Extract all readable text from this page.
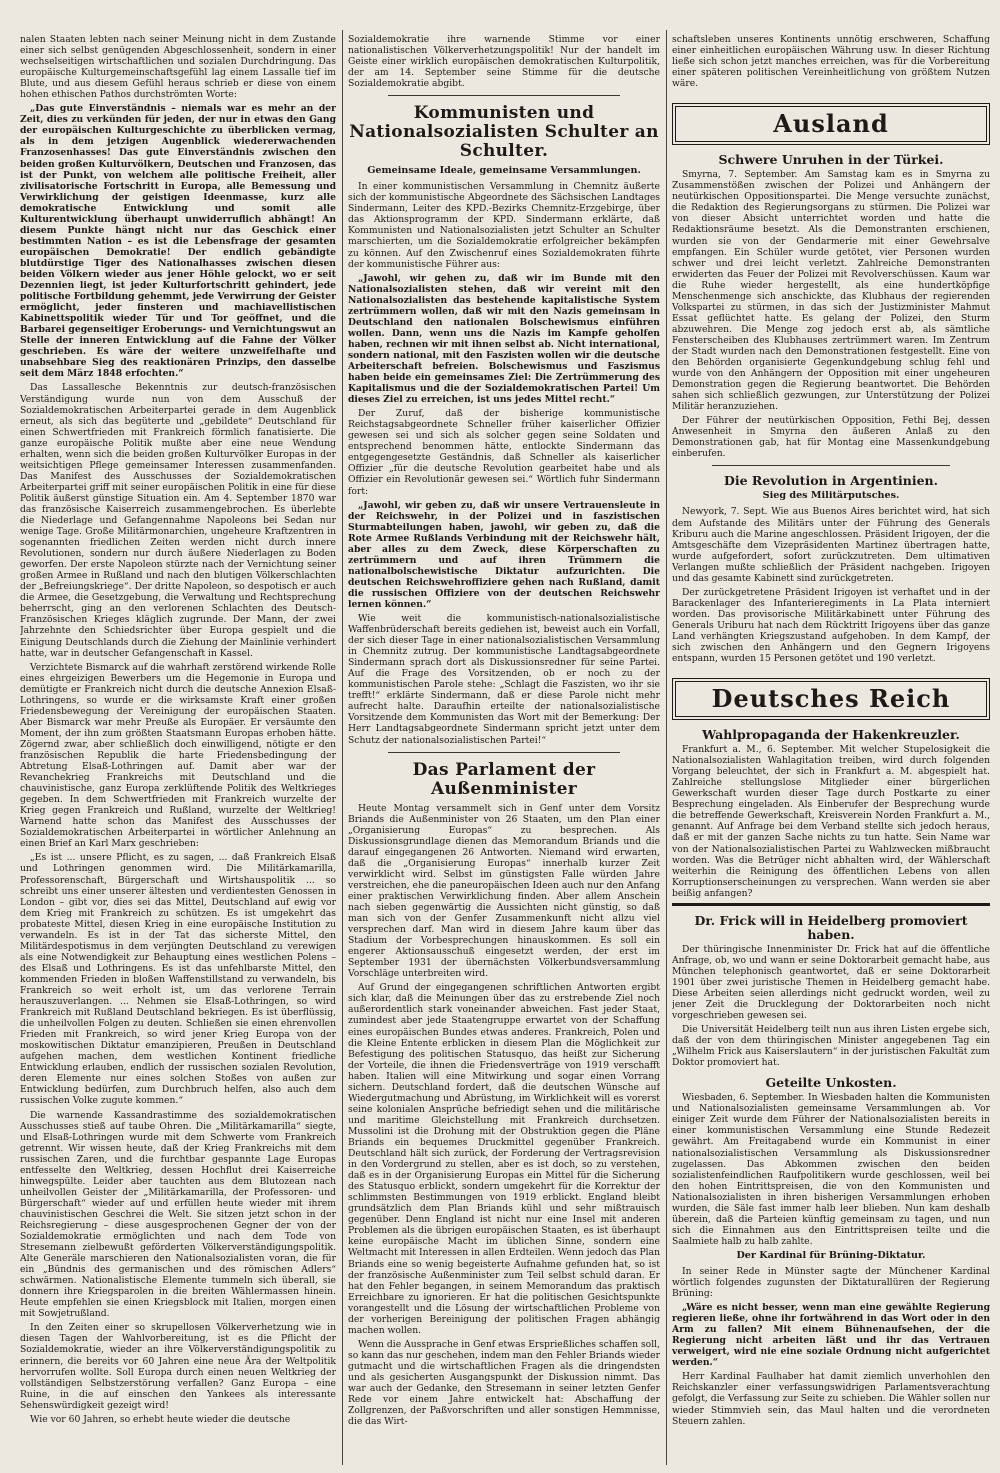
nalen Staaten lebten nach seiner Meinung nicht in dem Zustande einer sich selbst genügenden Abgeschlossenheit, sondern in einer wechselseitigen wirtschaftlichen und sozialen Durchdringung. Das europäische Kulturgemeinschaftsgefühl lag einem Lassalle tief im Blute, und aus diesem Gefühl heraus schrieb er diese von einem hohen ethischen Pathos durchströmten Worte:

„Das gute Einverständnis – niemals war es mehr an der Zeit, dies zu verkünden für jeden, der nur in etwas den Gang der europäischen Kulturgeschichte zu überblicken vermag, als in dem jetzigen Augenblick wiedererwachenden Franzosenhasses! Das gute Einverständnis zwischen den beiden großen Kulturvölkern, Deutschen und Franzosen, das ist der Punkt, von welchem alle politische Freiheit, aller zivilisatorische Fortschritt in Europa, alle Bemessung und Verwirklichung der geistigen Ideenmasse, kurz alle demokratische Entwicklung und somit alle Kulturentwicklung überhaupt unwiderruflich abhängt! An diesem Punkte hängt nicht nur das Geschick einer bestimmten Nation – es ist die Lebensfrage der gesamten europäischen Demokratie! Der endlich gebändigte blutdürstige Tiger des Nationalhasses zwischen diesen beiden Völkern wieder aus jener Höhle gelockt, wo er seit Dezennien liegt, ist jeder Kulturfortschritt gehindert, jede politische Fortbildung gehemmt, jede Verwirrung der Geister ermöglicht, jeder finsteren und machiavellistischen Kabinettspolitik wieder Tür und Tor geöffnet, und die Barbarei gegenseitiger Eroberungs- und Vernichtungswut an Stelle der inneren Entwicklung auf die Fahne der Völker geschrieben. Es wäre der weitere unzweifelhafte und unabsehbare Sieg des reaktionären Prinzips, den dasselbe seit dem März 1848 erfochten.“

Das Lassallesche Bekenntnis zur deutsch-französischen Verständigung wurde nun von dem Ausschuß der Sozialdemokratischen Arbeiterpartei gerade in dem Augenblick erneut, als sich das begüterte und „gebildete“ Deutschland für einen Schwertfrieden mit Frankreich förmlich fanatisierte. Die ganze europäische Politik mußte aber eine neue Wendung erhalten, wenn sich die beiden großen Kulturvölker Europas in der weitsichtigen Pflege gemeinsamer Interessen zusammenfanden. Das Manifest des Ausschusses der Sozialdemokratischen Arbeiterpartei griff mit seiner europäischen Politik in eine für diese Politik äußerst günstige Situation ein. Am 4. September 1870 war das französische Kaiserreich zusammengebrochen. Es überlebte die Niederlage und Gefangennahme Napoleons bei Sedan nur wenige Tage. Große Militärmonarchien, ungeheure Kraftzentren in sogenannten friedlichen Zeiten werden nicht durch innere Revolutionen, sondern nur durch äußere Niederlagen zu Boden geworfen. Der erste Napoleon stürzte nach der Vernichtung seiner großen Armee in Rußland und nach den blutigen Völkerschlachten der „Befreiungskriege“. Der dritte Napoleon, so despotisch er auch die Armee, die Gesetzgebung, die Verwaltung und Rechtsprechung beherrscht, ging an den verlorenen Schlachten des Deutsch-Französischen Krieges kläglich zugrunde. Der Mann, der zwei Jahrzehnte den Schiedsrichter über Europa gespielt und die Einigung Deutschlands durch die Ziehung der Mainlinie verhindert hatte, war in deutscher Gefangenschaft in Kassel.

Verzichtete Bismarck auf die wahrhaft zerstörend wirkende Rolle eines ehrgeizigen Bewerbers um die Hegemonie in Europa und demütigte er Frankreich nicht durch die deutsche Annexion Elsaß-Lothringens, so wurde er die wirksamste Kraft einer großen Friedensbewegung der Vereinigung der europäischen Staaten. Aber Bismarck war mehr Preuße als Europäer. Er versäumte den Moment, der ihn zum größten Staatsmann Europas erhoben hätte. Zögernd zwar, aber schließlich doch einwilligend, nötigte er den französischen Republik die harte Friedensbedingung der Abtretung Elsaß-Lothringen auf. Damit aber war der Revanchekrieg Frankreichs mit Deutschland und die chauvinistische, ganz Europa zerklüftende Politik des Weltkrieges gegeben. In dem Schwertfrieden mit Frankreich wurzelte der Krieg gegen Frankreich und Rußland, wurzelte der Weltkrieg! Warnend hatte schon das Manifest des Ausschusses der Sozialdemokratischen Arbeiterpartei in wörtlicher Anlehnung an einen Brief an Karl Marx geschrieben:

„Es ist ... unsere Pflicht, es zu sagen, ... daß Frankreich Elsaß und Lothringen genommen wird. Die Militärkamarilla, Professorenschaft, Bürgerschaft und Wirtshauspolitik ... so schreibt uns einer unserer ältesten und verdientesten Genossen in London – gibt vor, dies sei das Mittel, Deutschland auf ewig vor dem Krieg mit Frankreich zu schützen. Es ist umgekehrt das probateste Mittel, diesen Krieg in eine europäische Institution zu verwandeln. Es ist in der Tat das sicherste Mittel, den Militärdespotismus in dem verjüngten Deutschland zu verewigen als eine Notwendigkeit zur Behauptung eines westlichen Polens – des Elsaß und Lothringens. Es ist das unfehlbarste Mittel, den kommenden Frieden in bloßen Waffenstillstand zu verwandeln, bis Frankreich so weit erholt ist, um das verlorene Terrain herauszuverlangen. ... Nehmen sie Elsaß-Lothringen, so wird Frankreich mit Rußland Deutschland bekriegen. Es ist überflüssig, die unheilvollen Folgen zu deuten. Schließen sie einen ehrenvollen Frieden mit Frankreich, so wird jener Krieg Europa von der moskowitischen Diktatur emanzipieren, Preußen in Deutschland aufgehen machen, dem westlichen Kontinent friedliche Entwicklung erlauben, endlich der russischen sozialen Revolution, deren Elemente nur eines solchen Stoßes von außen zur Entwicklung bedürfen, zum Durchbruch helfen, also auch dem russischen Volke zugute kommen.“

Die warnende Kassandrastimme des sozialdemokratischen Ausschusses stieß auf taube Ohren. Die „Militärkamarilla“ siegte, und Elsaß-Lothringen wurde mit dem Schwerte vom Frankreich getrennt. Wir wissen heute, daß der Krieg Frankreichs mit dem russischen Zaren, und die furchtbar gespannte Lage Europas entfesselte den Weltkrieg, dessen Hochflut drei Kaiserreiche hinwegspülte. Leider aber tauchten aus dem Blutozean nach unheilvollen Geister der „Militärkamarilla, der Professoren- und Bürgerschaft“ wieder auf und erfüllen heute wieder mit ihrem chauvinistischen Geschrei die Welt. Sie sitzen jetzt schon in der Reichsregierung – diese ausgesprochenen Gegner der von der Sozialdemokratie ermöglichten und nach dem Tode von Stresemann zielbewußt geförderten Völkerverständigungspolitik. Alte Generäle marschieren den Nationalsozialisten voran, die für ein „Bündnis des germanischen und des römischen Adlers“ schwärmen. Nationalistische Elemente tummeln sich überall, sie donnern ihre Kriegsparolen in die breiten Wählermassen hinein. Heute empfehlen sie einen Kriegsblock mit Italien, morgen einen mit Sowjetrußland.

In den Zeiten einer so skrupellosen Völkerverhetzung wie in diesen Tagen der Wahlvorbereitung, ist es die Pflicht der Sozialdemokratie, wieder an ihre Völkerverständigungspolitik zu erinnern, die bereits vor 60 Jahren eine neue Ära der Weltpolitik hervorrufen wollte. Soll Europa durch einen neuen Weltkrieg der vollständigen Selbstzerstörung verfallen? Ganz Europa – eine Ruine, in die auf einschen den Yankees als interessante Sehenswürdigkeit gezeigt wird!

Wie vor 60 Jahren, so erhebt heute wieder die deutsche

Sozialdemokratie ihre warnende Stimme vor einer nationalistischen Völkerverhetzungspolitik! Nur der handelt im Geiste einer wirklich europäischen demokratischen Kulturpolitik, der am 14. September seine Stimme für die deutsche Sozialdemokratie abgibt.

Kommunisten und Nationalsozialisten Schulter an Schulter.
Gemeinsame Ideale, gemeinsame Versammlungen.

In einer kommunistischen Versammlung in Chemnitz äußerte sich der kommunistische Abgeordnete des Sächsischen Landtages Sindermann, Leiter des KPD.-Bezirks Chemnitz-Erzgebirge, über das Aktionsprogramm der KPD. Sindermann erklärte, daß Kommunisten und Nationalsozialisten jetzt Schulter an Schulter marschierten, um die Sozialdemokratie erfolgreicher bekämpfen zu können. Auf den Zwischenruf eines Sozialdemokraten führte der kommunistische Führer aus:

„Jawohl, wir gehen zu, daß wir im Bunde mit den Nationalsozialisten stehen, daß wir vereint mit den Nationalsozialisten das bestehende kapitalistische System zertrümmern wollen, daß wir mit den Nazis gemeinsam in Deutschland den nationalen Bolschewismus einführen wollen. Dann, wenn uns die Nazis im Kampfe geholfen haben, rechnen wir mit ihnen selbst ab. Nicht international, sondern national, mit den Faszisten wollen wir die deutsche Arbeiterschaft befreien. Bolschewismus und Faszismus haben beide ein gemeinsames Ziel: Die Zertrümmerung des Kapitalismus und die der Sozialdemokratischen Partei! Um dieses Ziel zu erreichen, ist uns jedes Mittel recht.“

Der Zuruf, daß der bisherige kommunistische Reichstagsabgeordnete Schneller früher kaiserlicher Offizier gewesen sei und sich als solcher gegen seine Soldaten und entsprechend benommen hätte, entlockte Sindermann das entgegengesetzte Geständnis, daß Schneller als kaiserlicher Offizier „für die deutsche Revolution gearbeitet habe und als Offizier ein Revolutionär gewesen sei.“ Wörtlich fuhr Sindermann fort:

„Jawohl, wir geben zu, daß wir unsere Vertrauensleute in der Reichswehr, in der Polizei und in faszistischen Sturmabteilungen haben, jawohl, wir geben zu, daß die Rote Armee Rußlands Verbindung mit der Reichswehr hält, aber alles zu dem Zweck, diese Körperschaften zu zertrümmern und auf ihren Trümmern die nationalbolschewistische Diktatur aufzurichten. Die deutschen Reichswehroffiziere gehen nach Rußland, damit die russischen Offiziere von der deutschen Reichswehr lernen können.“

Wie weit die kommunistisch-nationalsozialistische Waffenbrüderschaft bereits gediehen ist, beweist auch ein Vorfall, der sich dieser Tage in einer nationalsozialistischen Versammlung in Chemnitz zutrug. Der kommunistische Landtagsabgeordnete Sindermann sprach dort als Diskussionsredner für seine Partei. Auf die Frage des Vorsitzenden, ob er noch zu der kommunistischen Parole stehe: „Schlagt die Faszisten, wo ihr sie trefft!“ erklärte Sindermann, daß er diese Parole nicht mehr aufrecht halte. Daraufhin erteilte der nationalsozialistische Vorsitzende dem Kommunisten das Wort mit der Bemerkung: Der Herr Landtagsabgeordnete Sindermann spricht jetzt unter dem Schutz der nationalsozialistischen Partei!“

Das Parlament der Außenminister

Heute Montag versammelt sich in Genf unter dem Vorsitz Briands die Außenminister von 26 Staaten, um den Plan einer „Organisierung Europas“ zu besprechen. Als Diskussionsgrundlage dienen das Memorandum Briands und die darauf eingegangenen 26 Antworten. Niemand wird erwarten, daß die „Organisierung Europas“ innerhalb kurzer Zeit verwirklicht wird. Selbst im günstigsten Falle würden Jahre verstreichen, ehe die paneuropäischen Ideen auch nur den Anfang einer praktischen Verwirklichung finden. Aber allem Anschein nach sieben gegenwärtig die Aussichten nicht günstig, so daß man sich von der Genfer Zusammenkunft nicht allzu viel versprechen darf. Man wird in diesem Jahre kaum über das Stadium der Vorbesprechungen hinauskommen. Es soll ein engerer Aktionsausschuß eingesetzt werden, der erst im September 1931 der übernächsten Völkerbundsversammlung Vorschläge unterbreiten wird.

Auf Grund der eingegangenen schriftlichen Antworten ergibt sich klar, daß die Meinungen über das zu erstrebende Ziel noch außerordentlich stark voneinander abweichen. Fast jeder Staat, zumindest aber jede Staatengruppe erwartet von der Schaffung eines europäischen Bundes etwas anderes. Frankreich, Polen und die Kleine Entente erblicken in diesem Plan die Möglichkeit zur Befestigung des politischen Statusquo, das heißt zur Sicherung der Vorteile, die ihnen die Friedensverträge von 1919 verschafft haben. Italien will eine Mitwirkung und sogar einen Vorrang sichern. Deutschland fordert, daß die deutschen Wünsche auf Wiedergutmachung und Abrüstung, im Wirklichkeit will es vorerst seine kolonialen Ansprüche befriedigt sehen und die militärische und maritime Gleichstellung mit Frankreich durchsetzen. Mussolini ist die Drohung mit der Obstruktion gegen die Pläne Briands ein bequemes Druckmittel gegenüber Frankreich. Deutschland hält sich zurück, der Forderung der Vertragsrevision in den Vordergrund zu stellen, aber es ist doch, so zu verstehen, daß es in der Organisierung Europas ein Mittel für die Sicherung des Statusquo erblickt, sondern umgekehrt für die Korrektur der schlimmsten Bestimmungen von 1919 erblickt. England bleibt grundsätzlich dem Plan Briands kühl und sehr mißtrauisch gegenüber. Denn England ist nicht nur eine Insel mit anderen Problemen als die übrigen europäischen Staaten, es ist überhaupt keine europäische Macht im üblichen Sinne, sondern eine Weltmacht mit Interessen in allen Erdteilen. Wenn jedoch das Plan Briands eine so wenig begeisterte Aufnahme gefunden hat, so ist der französische Außenminister zum Teil selbst schuld daran. Er hat den Fehler begangen, in seinem Memorandum das praktisch Erreichbare zu ignorieren. Er hat die politischen Gesichtspunkte vorangestellt und die Lösung der wirtschaftlichen Probleme von der vorherigen Bereinigung der politischen Fragen abhängig machen wollen.

Wenn die Aussprache in Genf etwas Ersprießliches schaffen soll, so kann das nur geschehen, indem man den Fehler Briands wieder gutmacht und die wirtschaftlichen Fragen als die dringendsten und als gesicherten Ausgangspunkt der Diskussion nimmt. Das war auch der Gedanke, den Stresemann in seiner letzten Genfer Rede vor einem Jahre entwickelt hat: Abschaffung der Zollgrenzen, der Paßvorschriften und aller sonstigen Hemmnisse, die das Wirt-

schaftsleben unseres Kontinents unnötig erschweren, Schaffung einer einheitlichen europäischen Währung usw. In dieser Richtung ließe sich schon jetzt manches erreichen, was für die Vorbereitung einer späteren politischen Vereinheitlichung von größtem Nutzen wäre.

Ausland
Schwere Unruhen in der Türkei.

Smyrna, 7. September. Am Samstag kam es in Smyrna zu Zusammenstößen zwischen der Polizei und Anhängern der neutürkischen Oppositionspartei. Die Menge versuchte zunächst, die Redaktion des Regierungsorgans zu stürmen. Die Polizei war von dieser Absicht unterrichtet worden und hatte die Redaktionsräume besetzt. Als die Demonstranten erschienen, wurden sie von der Gendarmerie mit einer Gewehrsalve empfangen. Ein Schüler wurde getötet, vier Personen wurden schwer und drei leicht verletzt. Zahlreiche Demonstranten erwiderten das Feuer der Polizei mit Revolverschüssen. Kaum war die Ruhe wieder hergestellt, als eine hundertköpfige Menschenmenge sich anschickte, das Klubhaus der regierenden Volkspartei zu stürmen, in das sich der Justizminister Mahmut Essat geflüchtet hatte. Es gelang der Polizei, den Sturm abzuwehren. Die Menge zog jedoch erst ab, als sämtliche Fensterscheiben des Klubhauses zertrümmert waren. Im Zentrum der Stadt wurden nach den Demonstrationen festgestellt. Eine von den Behörden organisierte Gegenkundgebung schlug fehl und wurde von den Anhängern der Opposition mit einer ungeheuren Demonstration gegen die Regierung beantwortet. Die Behörden sahen sich schließlich gezwungen, zur Unterstützung der Polizei Militär heranzuziehen.

Der Führer der neutürkischen Opposition, Fethi Bej, dessen Anwesenheit in Smyrna den äußeren Anlaß zu den Demonstrationen gab, hat für Montag eine Massenkundgebung einberufen.

Die Revolution in Argentinien.
Sieg des Militärputsches.

Newyork, 7. Sept. Wie aus Buenos Aires berichtet wird, hat sich dem Aufstande des Militärs unter der Führung des Generals Kriburu auch die Marine angeschlossen. Präsident Irigoyen, der die Amtsgeschäfte dem Vizepräsidenten Martinez übertragen hatte, wurde aufgefordert, sofort zurückzutreten. Dem ultimativen Verlangen mußte schließlich der Präsident nachgeben. Irigoyen und das gesamte Kabinett sind zurückgetreten.

Der zurückgetretene Präsident Irigoyen ist verhaftet und in der Barackenlager des Infanterieregiments in La Plata interniert worden. Das provisorische Militärkabinett unter Führung des Generals Uriburu hat nach dem Rücktritt Irigoyens über das ganze Land verhängten Kriegszustand aufgehoben. In dem Kampf, der sich zwischen den Anhängern und den Gegnern Irigoyens entspann, wurden 15 Personen getötet und 190 verletzt.

Deutsches Reich
Wahlpropaganda der Hakenkreuzler.

Frankfurt a. M., 6. September. Mit welcher Stupelosigkeit die Nationalsozialisten Wahlagitation treiben, wird durch folgenden Vorgang beleuchtet, der sich in Frankfurt a. M. abgespielt hat. Zahlreiche stellungslose Mitglieder einer bürgerlichen Gewerkschaft wurden dieser Tage durch Postkarte zu einer Besprechung eingeladen. Als Einberufer der Besprechung wurde die betreffende Gewerkschaft, Kreisverein Norden Frankfurt a. M., genannt. Auf Anfrage bei dem Verband stellte sich jedoch heraus, daß er mit der ganzen Sache nichts zu tun hatte. Sein Name war von der Nationalsozialistischen Partei zu Wahlzwecken mißbraucht worden. Was die Betrüger nicht abhalten wird, der Wählerschaft weiterhin die Reinigung des öffentlichen Lebens von allen Korruptionserscheinungen zu versprechen. Wann werden sie aber beißig anfangen?

Dr. Frick will in Heidelberg promoviert haben.

Der thüringische Innenminister Dr. Frick hat auf die öffentliche Anfrage, ob, wo und wann er seine Doktorarbeit gemacht habe, aus München telephonisch geantwortet, daß er seine Doktorarbeit 1901 über zwei juristische Themen in Heidelberg gemacht habe. Diese Arbeiten seien allerdings nicht gedruckt worden, weil zu jener Zeit die Drucklegung der Doktorarbeiten noch nicht vorgeschrieben gewesen sei.

Die Universität Heidelberg teilt nun aus ihren Listen ergebe sich, daß der von dem thüringischen Minister angegebenen Tag ein „Wilhelm Frick aus Kaiserslautern“ in der juristischen Fakultät zum Doktor promoviert hat.

Geteilte Unkosten.

Wiesbaden, 6. September. In Wiesbaden halten die Kommunisten und Nationalsozialisten gemeinsame Versammlungen ab. Vor einiger Zeit wurde dem Führer der Nationalsozialisten bereits in einer kommunistischen Versammlung eine Stunde Redezeit gewährt. Am Freitagabend wurde ein Kommunist in einer nationalsozialistischen Versammlung als Diskussionsredner zugelassen. Das Abkommen zwischen den beiden sozialistenfeindlichen Raufpolitikern wurde geschlossen, weil bei den hohen Eintrittspreisen, die von den Kommunisten und Nationalsozialisten in ihren bisherigen Versammlungen erhoben wurden, die Säle fast immer halb leer blieben. Nun kam deshalb überein, daß die Parteien künftig gemeinsam zu tagen, und nun sich die Einnahmen aus den Eintrittspreisen teilte und die Saalmiete halb zu halb zahlte.

Der Kardinal für Brüning-Diktatur.

In seiner Rede in Münster sagte der Münchener Kardinal wörtlich folgendes zugunsten der Diktaturallüren der Regierung Brüning:

„Wäre es nicht besser, wenn man eine gewählte Regierung regieren ließe, ohne ihr fortwährend in das Wort oder in den Arm zu fallen? Mit einem Bühnenaufsehen, der die Regierung nicht arbeiten läßt und ihr das Vertrauen verweigert, wird nie eine soziale Ordnung nicht aufgerichtet werden.“

Herr Kardinal Faulhaber hat damit ziemlich unverhohlen den Reichskanzler einer verfassungswidrigen Parlamentsverachtung gefolgt, die Verfassung zur Seite zu schieben. Die Wähler sollen nur wieder Stimmvieh sein, das Maul halten und die verordneten Steuern zahlen.
